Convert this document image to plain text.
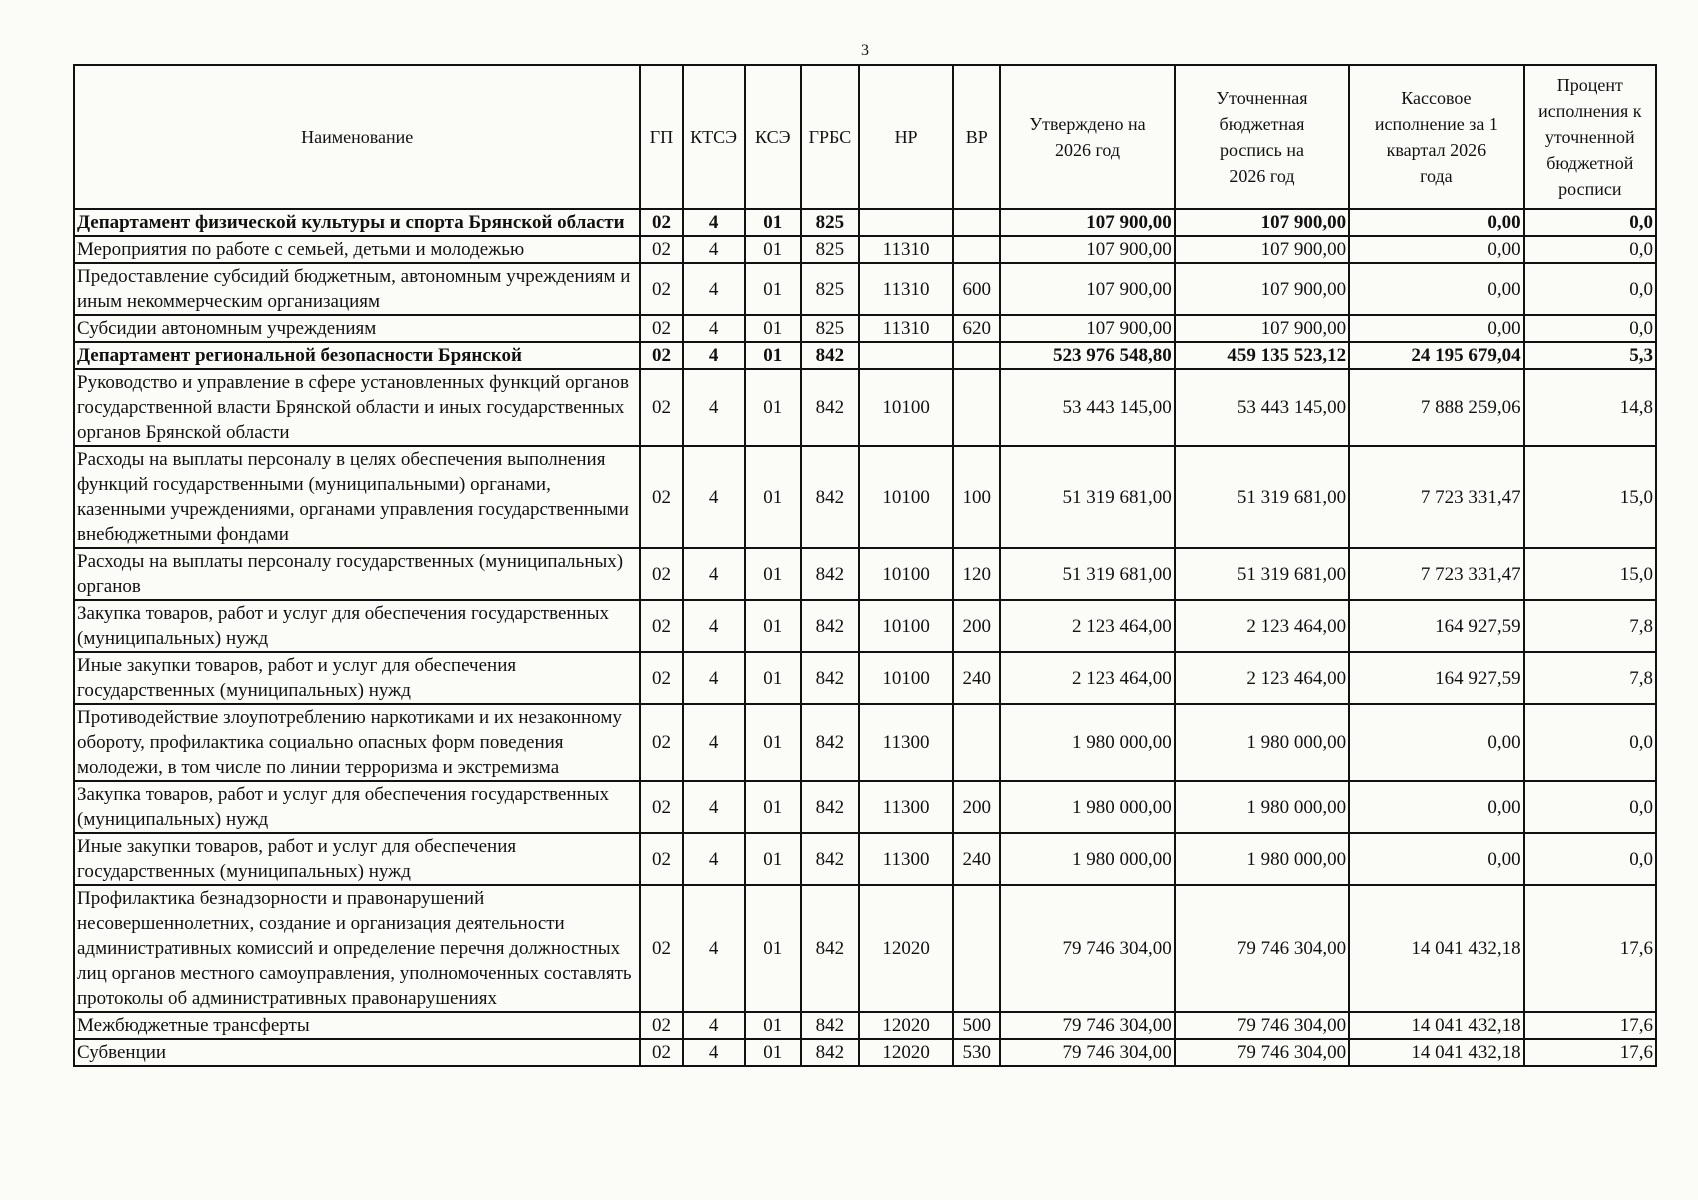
3
Наименование	ГП	КТСЭ	КСЭ	ГРБС	НР	ВР	Утверждено на 2026 год	Уточненная бюджетная роспись на 2026 год	Кассовое исполнение за 1 квартал 2026 года	Процент исполнения к уточненной бюджетной росписи
Департамент физической культуры и спорта Брянской области	02	4	01	825			107 900,00	107 900,00	0,00	0,0
Мероприятия по работе с семьей, детьми и молодежью	02	4	01	825	11310		107 900,00	107 900,00	0,00	0,0
Предоставление субсидий бюджетным, автономным учреждениям и иным некоммерческим организациям	02	4	01	825	11310	600	107 900,00	107 900,00	0,00	0,0
Субсидии автономным учреждениям	02	4	01	825	11310	620	107 900,00	107 900,00	0,00	0,0
Департамент региональной безопасности Брянской	02	4	01	842			523 976 548,80	459 135 523,12	24 195 679,04	5,3
Руководство и управление в сфере установленных функций органов государственной власти Брянской области и иных государственных органов Брянской области	02	4	01	842	10100		53 443 145,00	53 443 145,00	7 888 259,06	14,8
Расходы на выплаты персоналу в целях обеспечения выполнения функций государственными (муниципальными) органами, казенными учреждениями, органами управления государственными внебюджетными фондами	02	4	01	842	10100	100	51 319 681,00	51 319 681,00	7 723 331,47	15,0
Расходы на выплаты персоналу государственных (муниципальных) органов	02	4	01	842	10100	120	51 319 681,00	51 319 681,00	7 723 331,47	15,0
Закупка товаров, работ и услуг для обеспечения государственных (муниципальных) нужд	02	4	01	842	10100	200	2 123 464,00	2 123 464,00	164 927,59	7,8
Иные закупки товаров, работ и услуг для обеспечения государственных (муниципальных) нужд	02	4	01	842	10100	240	2 123 464,00	2 123 464,00	164 927,59	7,8
Противодействие злоупотреблению наркотиками и их незаконному обороту, профилактика социально опасных форм поведения молодежи, в том числе по линии терроризма и экстремизма	02	4	01	842	11300		1 980 000,00	1 980 000,00	0,00	0,0
Закупка товаров, работ и услуг для обеспечения государственных (муниципальных) нужд	02	4	01	842	11300	200	1 980 000,00	1 980 000,00	0,00	0,0
Иные закупки товаров, работ и услуг для обеспечения государственных (муниципальных) нужд	02	4	01	842	11300	240	1 980 000,00	1 980 000,00	0,00	0,0
Профилактика безнадзорности и правонарушений несовершеннолетних, создание и организация деятельности административных комиссий и определение перечня должностных лиц органов местного самоуправления, уполномоченных составлять протоколы об административных правонарушениях	02	4	01	842	12020		79 746 304,00	79 746 304,00	14 041 432,18	17,6
Межбюджетные трансферты	02	4	01	842	12020	500	79 746 304,00	79 746 304,00	14 041 432,18	17,6
Субвенции	02	4	01	842	12020	530	79 746 304,00	79 746 304,00	14 041 432,18	17,6
